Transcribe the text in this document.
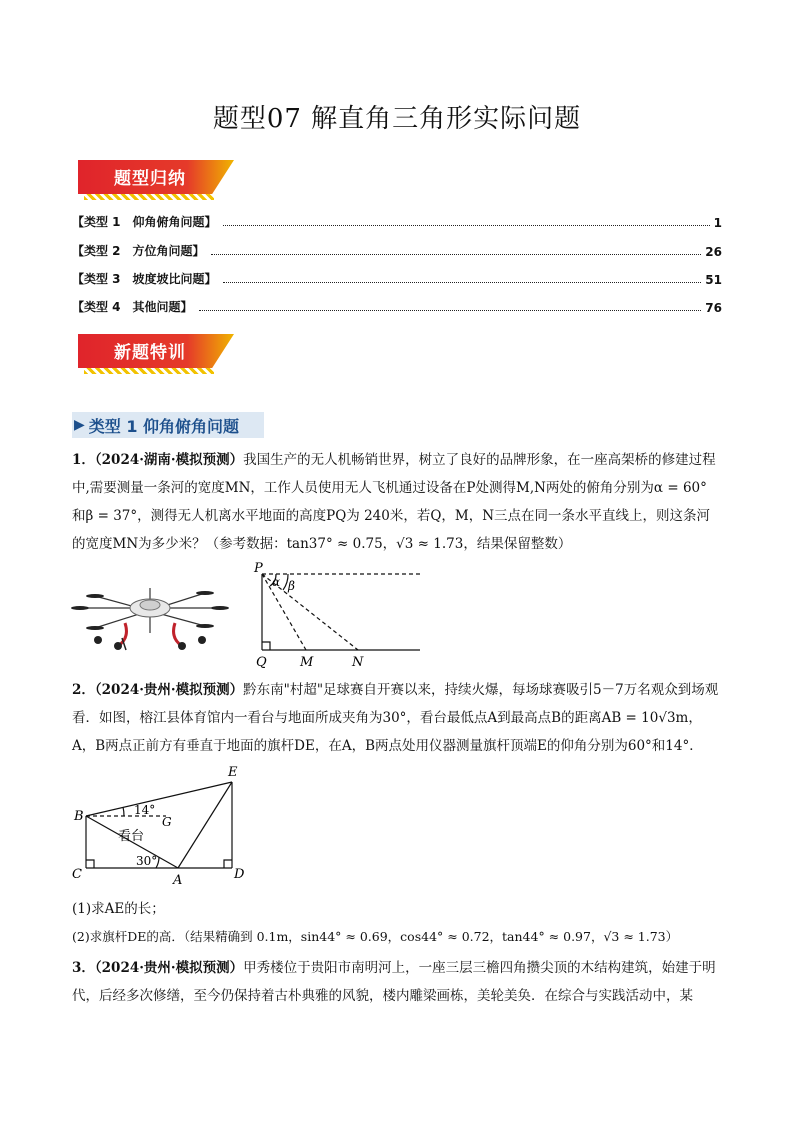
题型07 解直角三角形实际问题
题型归纳
【类型 1　仰角俯角问题】	1
【类型 2　方位角问题】	26
【类型 3　坡度坡比问题】	51
【类型 4　其他问题】	76
新题特训
▶ 类型 1 仰角俯角问题

1．（2024·湖南·模拟预测）我国生产的无人机畅销世界，树立了良好的品牌形象，在一座高架桥的修建过程

中,需要测量一条河的宽度MN，工作人员使用无人飞机通过设备在P处测得M,N两处的俯角分别为α = 60°

和β = 37°，测得无人机离水平地面的高度PQ为 240米，若Q，M，N三点在同一条水平直线上，则这条河

的宽度MN为多少米？（参考数据：tan37° ≈ 0.75，√3 ≈ 1.73，结果保留整数）

P
α β
Q	M	N

2．（2024·贵州·模拟预测）黔东南"村超"足球赛自开赛以来，持续火爆，每场球赛吸引5－7万名观众到场观

看．如图，榕江县体育馆内一看台与地面所成夹角为30°，看台最低点A到最高点B的距离AB = 10√3m，

A，B两点正前方有垂直于地面的旗杆DE，在A，B两点处用仪器测量旗杆顶端E的仰角分别为60°和14°．

B
C	A	D
E
G
14°
30°
看台
(1)求AE的长；
(2)求旗杆DE的高．（结果精确到 0.1m，sin44° ≈ 0.69，cos44° ≈ 0.72，tan44° ≈ 0.97，√3 ≈ 1.73）

3．（2024·贵州·模拟预测）甲秀楼位于贵阳市南明河上，一座三层三檐四角攒尖顶的木结构建筑，始建于明

代，后经多次修缮，至今仍保持着古朴典雅的风貌，楼内雕梁画栋，美轮美奂．在综合与实践活动中，某
